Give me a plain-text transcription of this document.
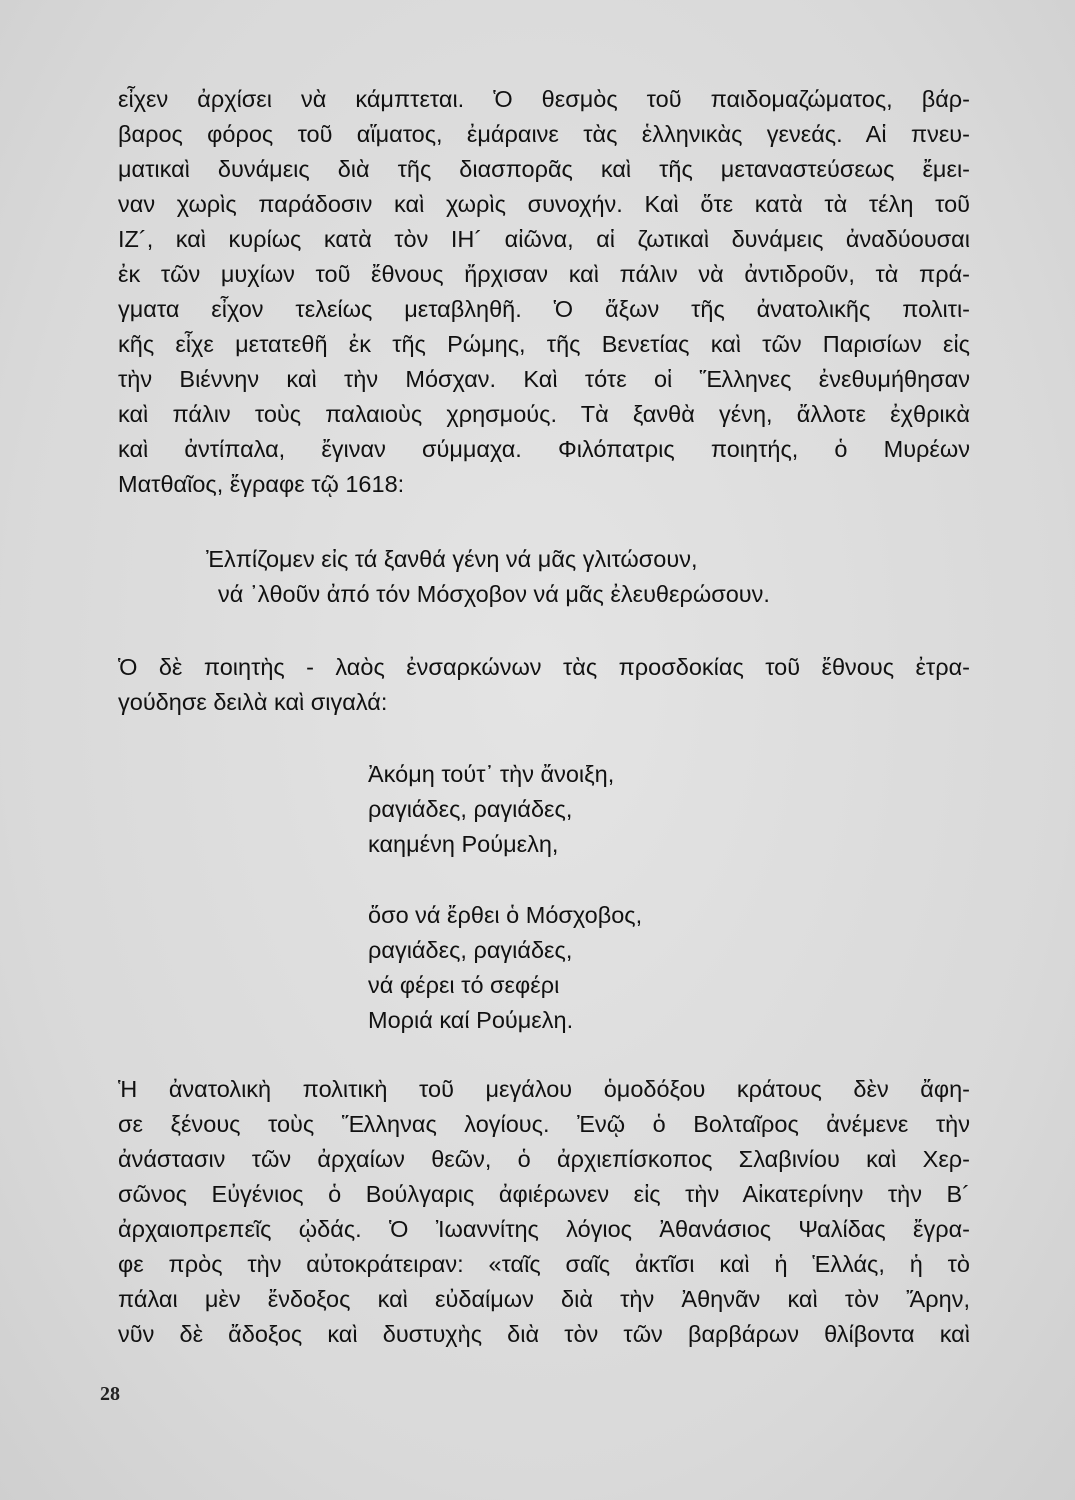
εἶχεν ἀρχίσει νὰ κάμπτεται. Ὁ θεσμὸς τοῦ παιδομαζώματος, βάρ-
βαρος φόρος τοῦ αἵματος, ἐμάραινε τὰς ἑλληνικὰς γενεάς. Αἱ πνευ-
ματικαὶ δυνάμεις διὰ τῆς διασπορᾶς καὶ τῆς μεταναστεύσεως ἔμει-
ναν χωρὶς παράδοσιν καὶ χωρὶς συνοχήν. Καὶ ὅτε κατὰ τὰ τέλη τοῦ
ΙΖ´, καὶ κυρίως κατὰ τὸν ΙΗ´ αἰῶνα, αἱ ζωτικαὶ δυνάμεις ἀναδύουσαι
ἐκ τῶν μυχίων τοῦ ἔθνους ἤρχισαν καὶ πάλιν νὰ ἀντιδροῦν, τὰ πρά-
γματα εἶχον τελείως μεταβληθῆ. Ὁ ἄξων τῆς ἀνατολικῆς πολιτι-
κῆς εἶχε μετατεθῆ ἐκ τῆς Ρώμης, τῆς Βενετίας καὶ τῶν Παρισίων εἰς
τὴν Βιέννην καὶ τὴν Μόσχαν. Καὶ τότε οἱ Ἕλληνες ἐνεθυμήθησαν
καὶ πάλιν τοὺς παλαιοὺς χρησμούς. Τὰ ξανθὰ γένη, ἄλλοτε ἐχθρικὰ
καὶ ἀντίπαλα, ἔγιναν σύμμαχα. Φιλόπατρις ποιητής, ὁ Μυρέων
Ματθαῖος, ἔγραφε τῷ 1618:

Ἐλπίζομεν εἰς τά ξανθά γένη νά μᾶς γλιτώσουν,
νά ᾿λθοῦν ἀπό τόν Μόσχοβον νά μᾶς ἐλευθερώσουν.

Ὁ δὲ ποιητὴς - λαὸς ἐνσαρκώνων τὰς προσδοκίας τοῦ ἔθνους ἐτρα-
γούδησε δειλὰ καὶ σιγαλά:

Ἀκόμη τούτ᾿ τὴν ἄνοιξη,
ραγιάδες, ραγιάδες,
καημένη Ρούμελη,

ὅσο νά ἔρθει ὁ Μόσχοβος,
ραγιάδες, ραγιάδες,
νά φέρει τό σεφέρι
Μοριά καί Ρούμελη.

Ἡ ἀνατολικὴ πολιτικὴ τοῦ μεγάλου ὁμοδόξου κράτους δὲν ἄφη-
σε ξένους τοὺς Ἕλληνας λογίους. Ἐνῷ ὁ Βολταῖρος ἀνέμενε τὴν
ἀνάστασιν τῶν ἀρχαίων θεῶν, ὁ ἀρχιεπίσκοπος Σλαβινίου καὶ Χερ-
σῶνος Εὐγένιος ὁ Βούλγαρις ἀφιέρωνεν εἰς τὴν Αἰκατερίνην τὴν Β´
ἀρχαιοπρεπεῖς ᾠδάς. Ὁ Ἰωαννίτης λόγιος Ἀθανάσιος Ψαλίδας ἔγρα-
φε πρὸς τὴν αὐτοκράτειραν: «ταῖς σαῖς ἀκτῖσι καὶ ἡ Ἑλλάς, ἡ τὸ
πάλαι μὲν ἔνδοξος καὶ εὐδαίμων διὰ τὴν Ἀθηνᾶν καὶ τὸν Ἄρην,
νῦν δὲ ἄδοξος καὶ δυστυχὴς διὰ τὸν τῶν βαρβάρων θλίβοντα καὶ

28
